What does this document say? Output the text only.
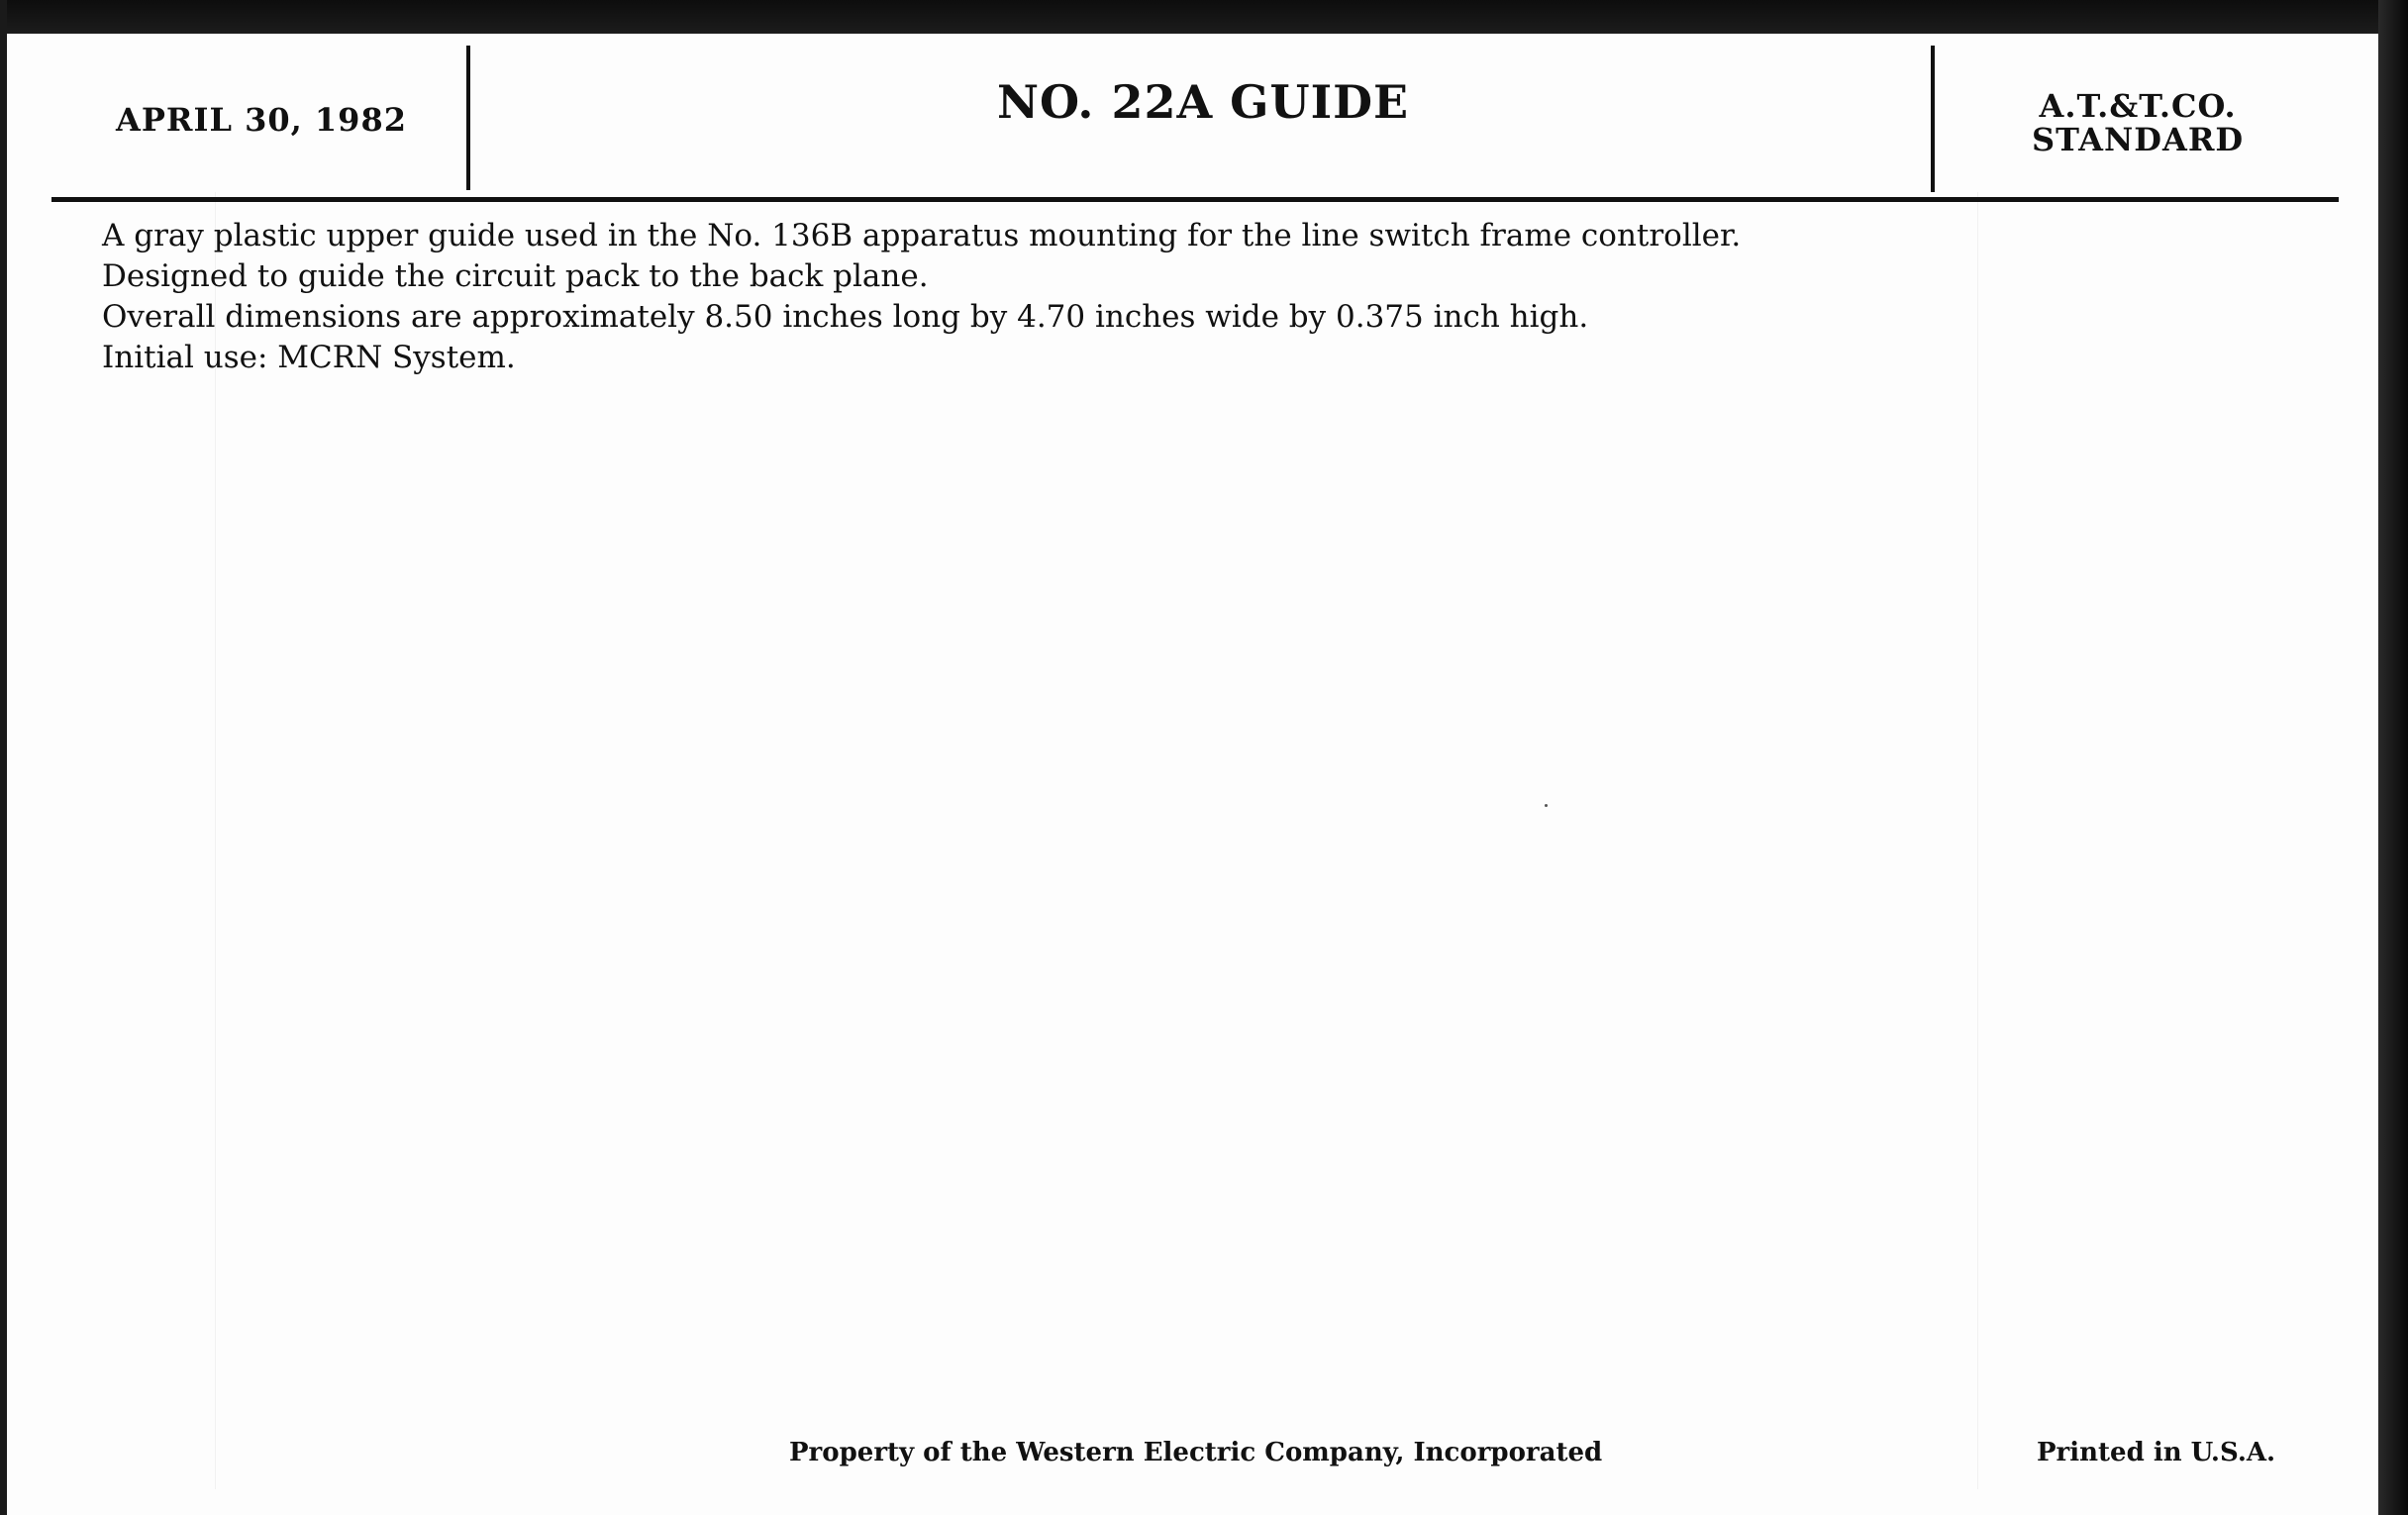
APRIL 30, 1982	NO. 22A GUIDE	A.T.&T.CO.
STANDARD
A gray plastic upper guide used in the No. 136B apparatus mounting for the line switch frame controller.
Designed to guide the circuit pack to the back plane.
Overall dimensions are approximately 8.50 inches long by 4.70 inches wide by 0.375 inch high.
Initial use: MCRN System.
Property of the Western Electric Company, Incorporated	Printed in U.S.A.
